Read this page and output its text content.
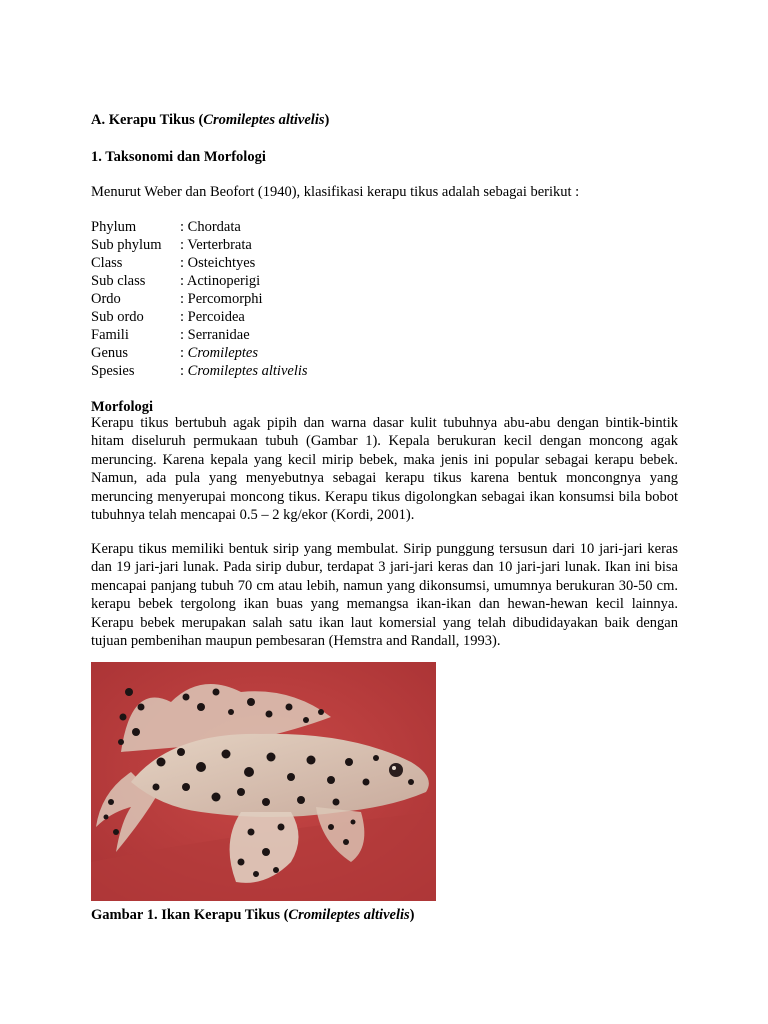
A. Kerapu Tikus (Cromileptes altivelis)
1. Taksonomi dan Morfologi
Menurut Weber dan Beofort (1940), klasifikasi kerapu tikus adalah sebagai berikut :
Phylum	: Chordata
Sub phylum : Verterbrata
Class	: Osteichtyes
Sub class : Actinoperigi
Ordo	: Percomorphi
Sub ordo : Percoidea
Famili	: Serranidae
Genus	: Cromileptes
Spesies	: Cromileptes altivelis
Morfologi
Kerapu tikus bertubuh agak pipih dan warna dasar kulit tubuhnya abu-abu dengan bintik-bintik hitam diseluruh permukaan tubuh (Gambar 1). Kepala berukuran kecil dengan moncong agak meruncing. Karena kepala yang kecil mirip bebek, maka jenis ini popular sebagai kerapu bebek. Namun, ada pula yang menyebutnya sebagai kerapu tikus karena bentuk moncongnya yang meruncing menyerupai moncong tikus. Kerapu tikus digolongkan sebagai ikan konsumsi bila bobot tubuhnya telah mencapai 0.5 – 2 kg/ekor (Kordi, 2001).
Kerapu tikus memiliki bentuk sirip yang membulat. Sirip punggung tersusun dari 10 jari-jari keras dan 19 jari-jari lunak. Pada sirip dubur, terdapat 3 jari-jari keras dan 10 jari-jari lunak. Ikan ini bisa mencapai panjang tubuh 70 cm atau lebih, namun yang dikonsumsi, umumnya berukuran 30-50 cm. kerapu bebek tergolong ikan buas yang memangsa ikan-ikan dan hewan-hewan kecil lainnya. Kerapu bebek merupakan salah satu ikan laut komersial yang telah dibudidayakan baik dengan tujuan pembenihan maupun pembesaran (Hemstra and Randall, 1993).
Gambar 1. Ikan Kerapu Tikus (Cromileptes altivelis)
